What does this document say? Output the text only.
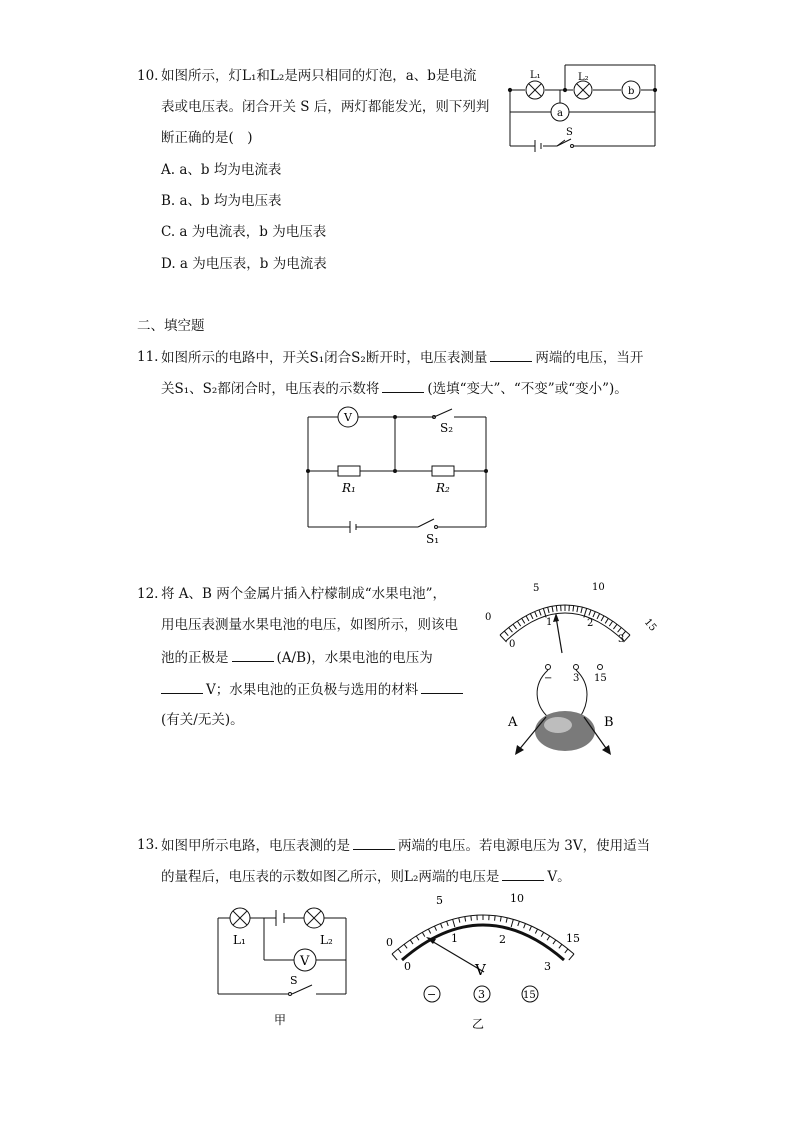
10. 如图所示，灯L₁和L₂是两只相同的灯泡，a、b是电流
表或电压表。闭合开关 S 后，两灯都能发光，则下列判
断正确的是(　)
A. a、b 均为电流表
B. a、b 均为电压表
C. a 为电流表，b 为电压表
D. a 为电压表，b 为电流表
L₁	L₂
a
b
S
二、填空题
11. 如图所示的电路中，开关S₁闭合S₂断开时，电压表测量	两端的电压，当开
关S₁、S₂都闭合时，电压表的示数将	(选填“变大”、“不变”或“变小”)。
V
S₂
R₁	R₂
S₁
12. 将 A、B 两个金属片插入柠檬制成“水果电池”，
用电压表测量水果电池的电压，如图所示，则该电
池的正极是	(A/B)，水果电池的电压为
V；水果电池的正负极与选用的材料
(有关/无关)。
5	10
15
0
0
1	2
3
− 3 15
A	B
13. 如图甲所示电路，电压表测的是	两端的电压。若电源电压为 3V，使用适当
的量程后，电压表的示数如图乙所示，则L₂两端的电压是	V。
L₁	L₂
V
S
甲
0
5	10
15
0
1	2
3
V
−	3	15
乙
